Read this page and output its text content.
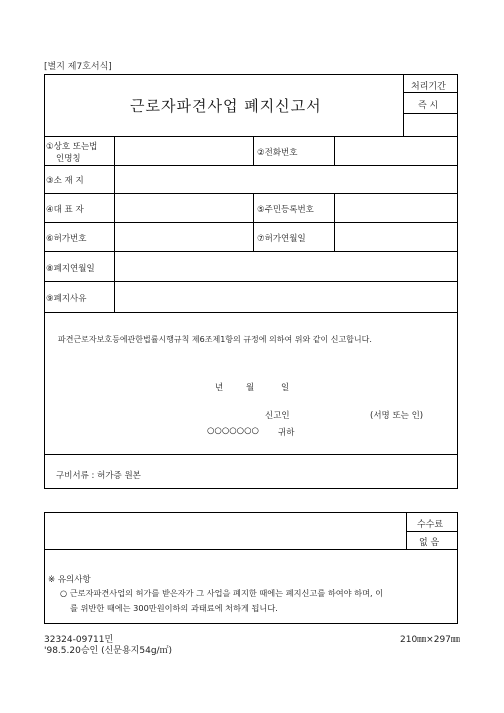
[별지 제7호서식]
근로자파견사업 폐지신고서
처리기간
즉 시
①상호 또는법
인명칭
②전화번호
③소 재 지
④대 표 자	⑤주민등록번호
⑥허가번호	⑦허가연월일
⑧폐지연월일
⑨폐지사유
파견근로자보호등에관한법률시행규칙 제6조제1항의 규정에 의하여 위와 같이 신고합니다.
년	월	일
신고인	(서명 또는 인)
○○○○○○○ 귀하
구비서류 : 허가증 원본
수수료
없 음
※ 유의사항
○ 근로자파견사업의 허가를 받은자가 그 사업을 폐지한 때에는 폐지신고를 하여야 하며, 이
를 위반한 때에는 300만원이하의 과태료에 처하게 됩니다.
32324-09711민
'98.5.20승인 (신문용지54g/㎡)
210㎜×297㎜
